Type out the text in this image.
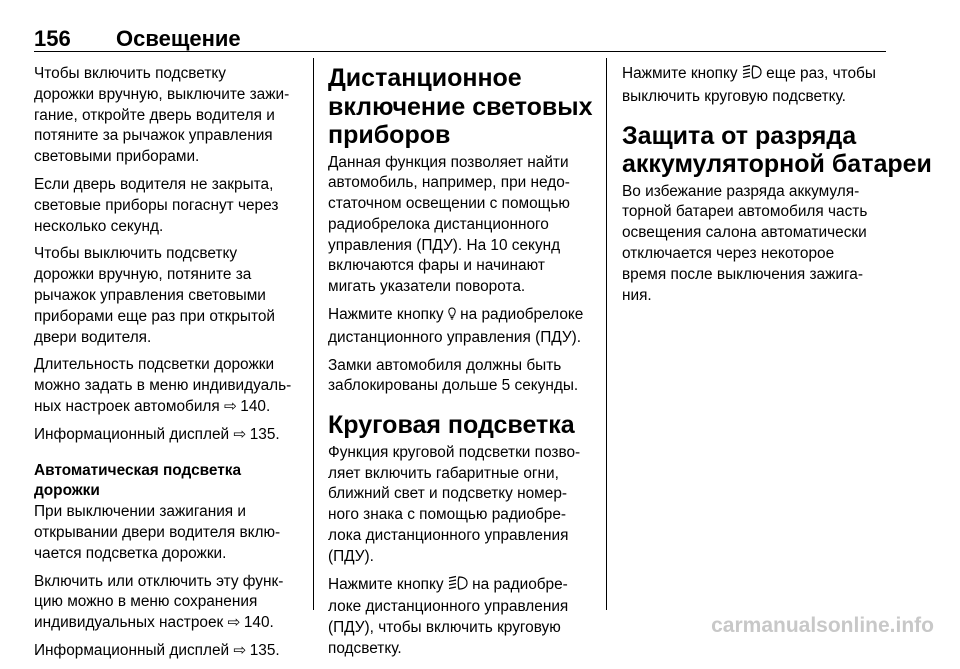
156 Освещение

Чтобы включить подсветку
дорожки вручную, выключите зажи‐
гание, откройте дверь водителя и
потяните за рычажок управления
световыми приборами.

Если дверь водителя не закрыта,
световые приборы погаснут через
несколько секунд.

Чтобы выключить подсветку
дорожки вручную, потяните за
рычажок управления световыми
приборами еще раз при открытой
двери водителя.

Длительность подсветки дорожки
можно задать в меню индивидуаль‐
ных настроек автомобиля ⇨ 140.

Информационный дисплей ⇨ 135.

Автоматическая подсветка
дорожки

При выключении зажигания и
открывании двери водителя вклю‐
чается подсветка дорожки.

Включить или отключить эту функ‐
цию можно в меню сохранения
индивидуальных настроек ⇨ 140.

Информационный дисплей ⇨ 135.

Дистанционное
включение световых
приборов

Данная функция позволяет найти
автомобиль, например, при недо‐
статочном освещении с помощью
радиобрелока дистанционного
управления (ПДУ). На 10 секунд
включаются фары и начинают
мигать указатели поворота.

Нажмите кнопку на радиобрелоке
дистанционного управления (ПДУ).

Замки автомобиля должны быть
заблокированы дольше 5 секунды.

Круговая подсветка

Функция круговой подсветки позво‐
ляет включить габаритные огни,
ближний свет и подсветку номер‐
ного знака с помощью радиобре‐
лока дистанционного управления
(ПДУ).

Нажмите кнопку на радиобре‐
локе дистанционного управления
(ПДУ), чтобы включить круговую
подсветку.

Нажмите кнопку еще раз, чтобы
выключить круговую подсветку.

Защита от разряда
аккумуляторной батареи

Во избежание разряда аккумуля‐
торной батареи автомобиля часть
освещения салона автоматически
отключается через некоторое
время после выключения зажига‐
ния.

carmanualsonline.info
